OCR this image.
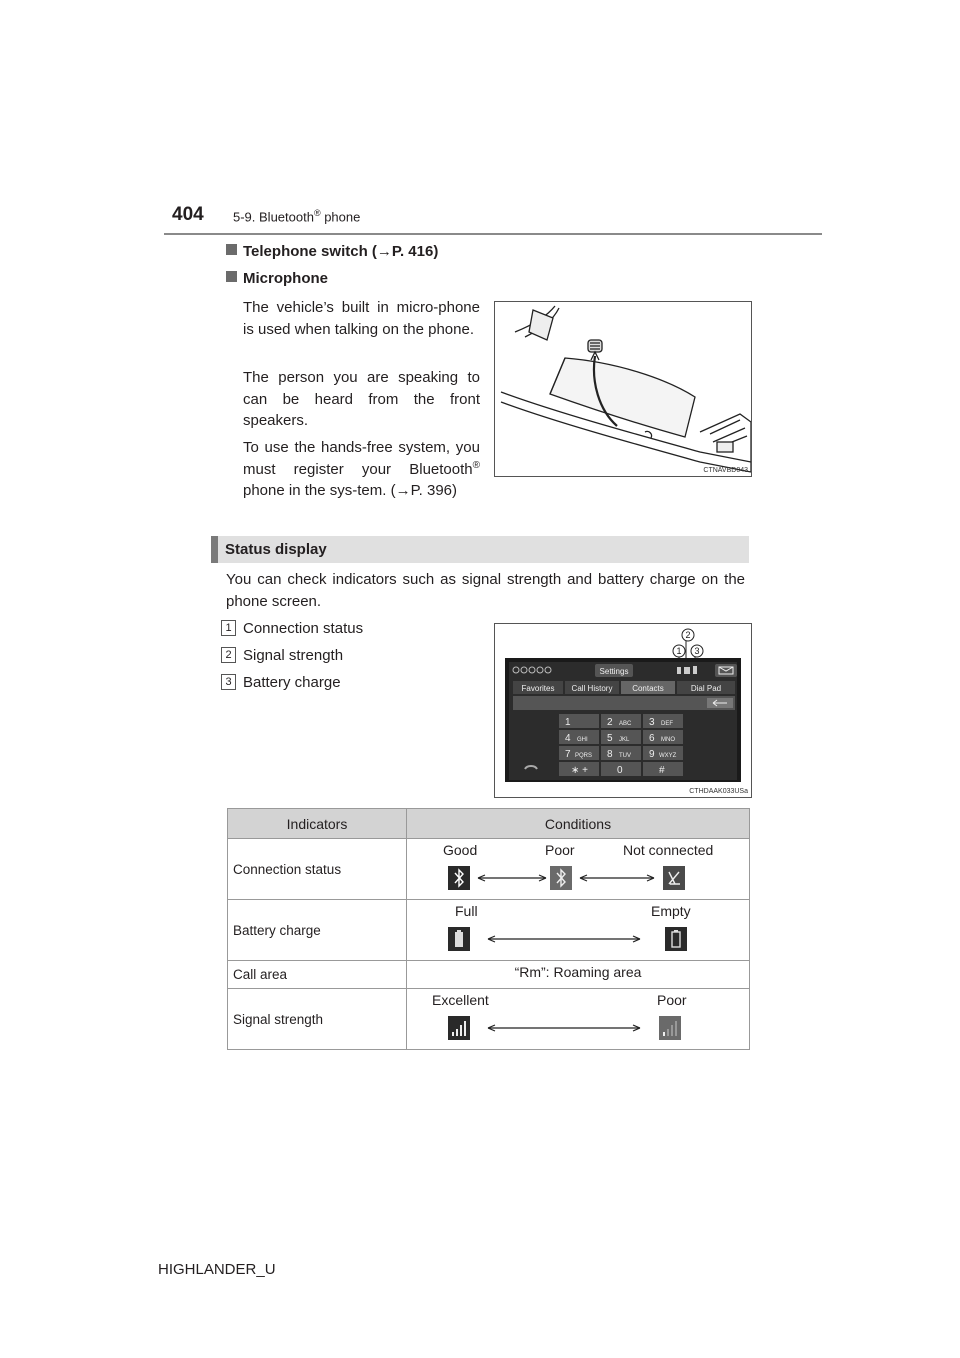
404 5-9. Bluetooth® phone
Telephone switch (→P. 416)
Microphone
The vehicle’s built in micro-phone is used when talking on the phone.
The person you are speaking to can be heard from the front speakers.
To use the hands-free system, you must register your Bluetooth® phone in the sys-tem. (→P. 396)
CTNAVBD043
Status display
You can check indicators such as signal strength and battery charge on the phone screen.
1 Connection status
2 Signal strength
3 Battery charge
Settings
Favorites Call History Contacts	Dial Pad
1	2 ABC 3 DEF
4 GHI 5 JKL 6 MNO
7 PQRS 8 TUV 9 WXYZ
∗ +	0	#
1
2
3
CTHDAAK033USa
Indicators	Conditions
Connection status	Good Poor Not connected

Battery charge	Full Empty

Call area	“Rm”: Roaming area
Signal strength	Excellent Poor
HIGHLANDER_U
